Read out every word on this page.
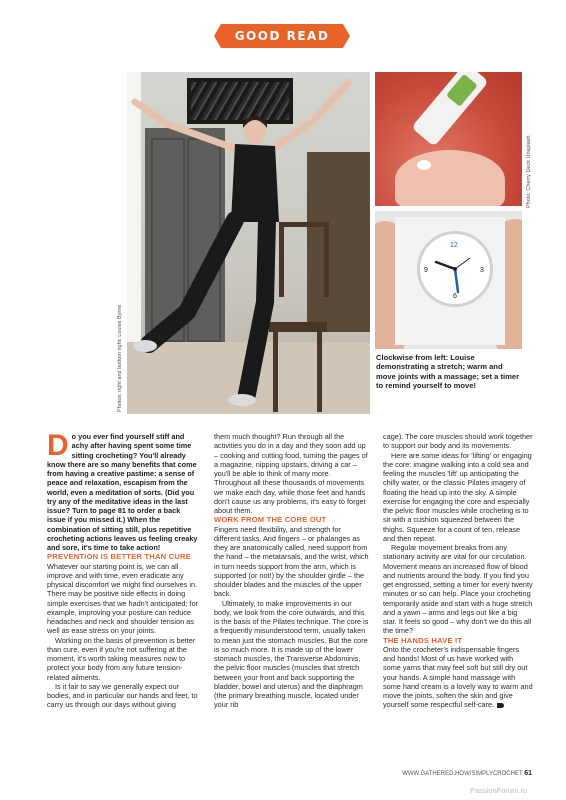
GOOD READ
Photos: right and bottom right: Louise Byrne
Photo: Cherry Deck Unsplash
12
3
6
9
Clockwise from left: Louise demonstrating a stretch; warm and move joints with a massage; set a timer to remind yourself to move!

Do you ever find yourself stiff and achy after having spent some time sitting crocheting? You'll already know there are so many benefits that come from having a creative pastime: a sense of peace and relaxation, escapism from the world, even a meditation of sorts. (Did you try any of the meditative ideas in the last issue? Turn to page 81 to order a back issue if you missed it.) When the combination of sitting still, plus repetitive crocheting actions leaves us feeling creaky and sore, it's time to take action!

PREVENTION IS BETTER THAN CURE

Whatever our starting point is, we can all improve and with time, even eradicate any physical discomfort we might find ourselves in. There may be positive side effects in doing simple exercises that we hadn't anticipated; for example, improving your posture can reduce headaches and neck and shoulder tension as well as ease stress on your joints.

Working on the basis of prevention is better than cure, even if you're not suffering at the moment, it's worth taking measures now to protect your body from any future tension-related ailments.

Is it fair to say we generally expect our bodies, and in particular our hands and feet, to carry us through our days without giving

them much thought? Run through all the activities you do in a day and they soon add up – cooking and cutting food, turning the pages of a magazine, nipping upstairs, driving a car – you'll be able to think of many more. Throughout all these thousands of movements we make each day, while those feet and hands don't cause us any problems, it's easy to forget about them.

WORK FROM THE CORE OUT

Fingers need flexibility, and strength for different tasks. And fingers – or phalanges as they are anatomically called, need support from the hand – the metatarsals, and the wrist, which in turn needs support from the arm, which is supported (or not!) by the shoulder girdle – the shoulder blades and the muscles of the upper back.

Ultimately, to make improvements in our body, we look from the core outwards, and this is the basis of the Pilates technique. The core is a frequently misunderstood term, usually taken to mean just the stomach muscles. But the core is so much more. It is made up of the lower stomach muscles, the Transverse Abdominis, the pelvic floor muscles (muscles that stretch between your front and back supporting the bladder, bowel and uterus) and the diaphragm (the primary breathing muscle, located under your rib

cage). The core muscles should work together to support our body and its movements.

Here are some ideas for 'lifting' or engaging the core: imagine walking into a cold sea and feeling the muscles 'lift' up anticipating the chilly water, or the classic Pilates imagery of floating the head up into the sky. A simple exercise for engaging the core and especially the pelvic floor muscles while crocheting is to sit with a cushion squeezed between the thighs. Squeeze for a count of ten, release and then repeat.

Regular movement breaks from any stationary activity are vital for our circulation. Movement means an increased flow of blood and nutrients around the body. If you find you get engrossed, setting a timer for every twenty minutes or so can help. Place your crocheting temporarily aside and start with a huge stretch and a yawn – arms and legs out like a big star. It feels so good – why don't we do this all the time?

THE HANDS HAVE IT

Onto the crocheter's indispensable fingers and hands! Most of us have worked with some yarns that may feel soft but still dry out your hands. A simple hand massage with some hand cream is a lovely way to warm and move the joints, soften the skin and give yourself some respectful self-care.

WWW.GATHERED.HOW/SIMPLYCROCHET 61
PassionForum.ru
